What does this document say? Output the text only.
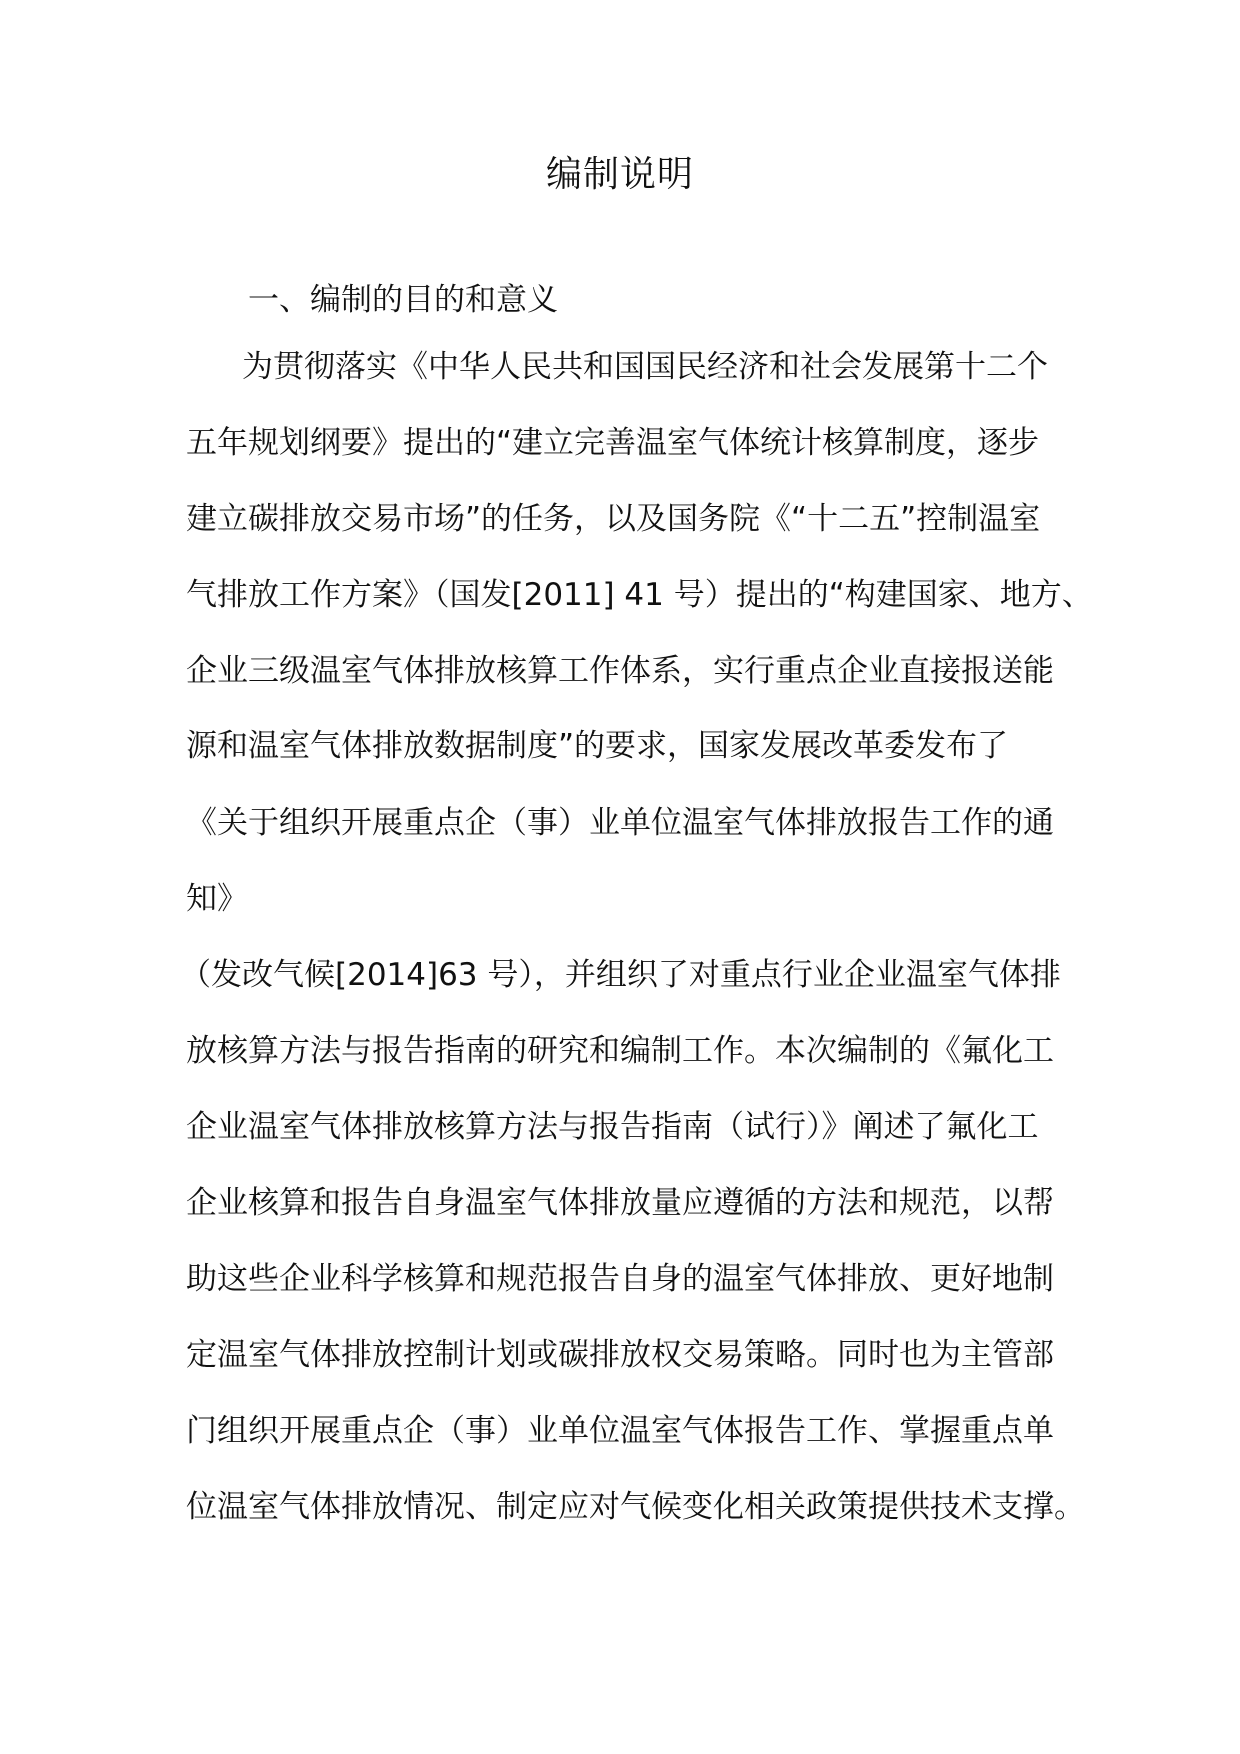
编制说明
一、编制的目的和意义
为贯彻落实《中华人民共和国国民经济和社会发展第十二个
五年规划纲要》提出的“建立完善温室气体统计核算制度，逐步
建立碳排放交易市场”的任务，以及国务院《“十二五”控制温室
气排放工作方案》（国发[2011] 41 号）提出的“构建国家、地方、
企业三级温室气体排放核算工作体系，实行重点企业直接报送能
源和温室气体排放数据制度”的要求，国家发展改革委发布了
《关于组织开展重点企（事）业单位温室气体排放报告工作的通
知》
（发改气候[2014]63 号），并组织了对重点行业企业温室气体排
放核算方法与报告指南的研究和编制工作。本次编制的《氟化工
企业温室气体排放核算方法与报告指南（试行）》阐述了氟化工
企业核算和报告自身温室气体排放量应遵循的方法和规范，以帮
助这些企业科学核算和规范报告自身的温室气体排放、更好地制
定温室气体排放控制计划或碳排放权交易策略。同时也为主管部
门组织开展重点企（事）业单位温室气体报告工作、掌握重点单
位温室气体排放情况、制定应对气候变化相关政策提供技术支撑。
